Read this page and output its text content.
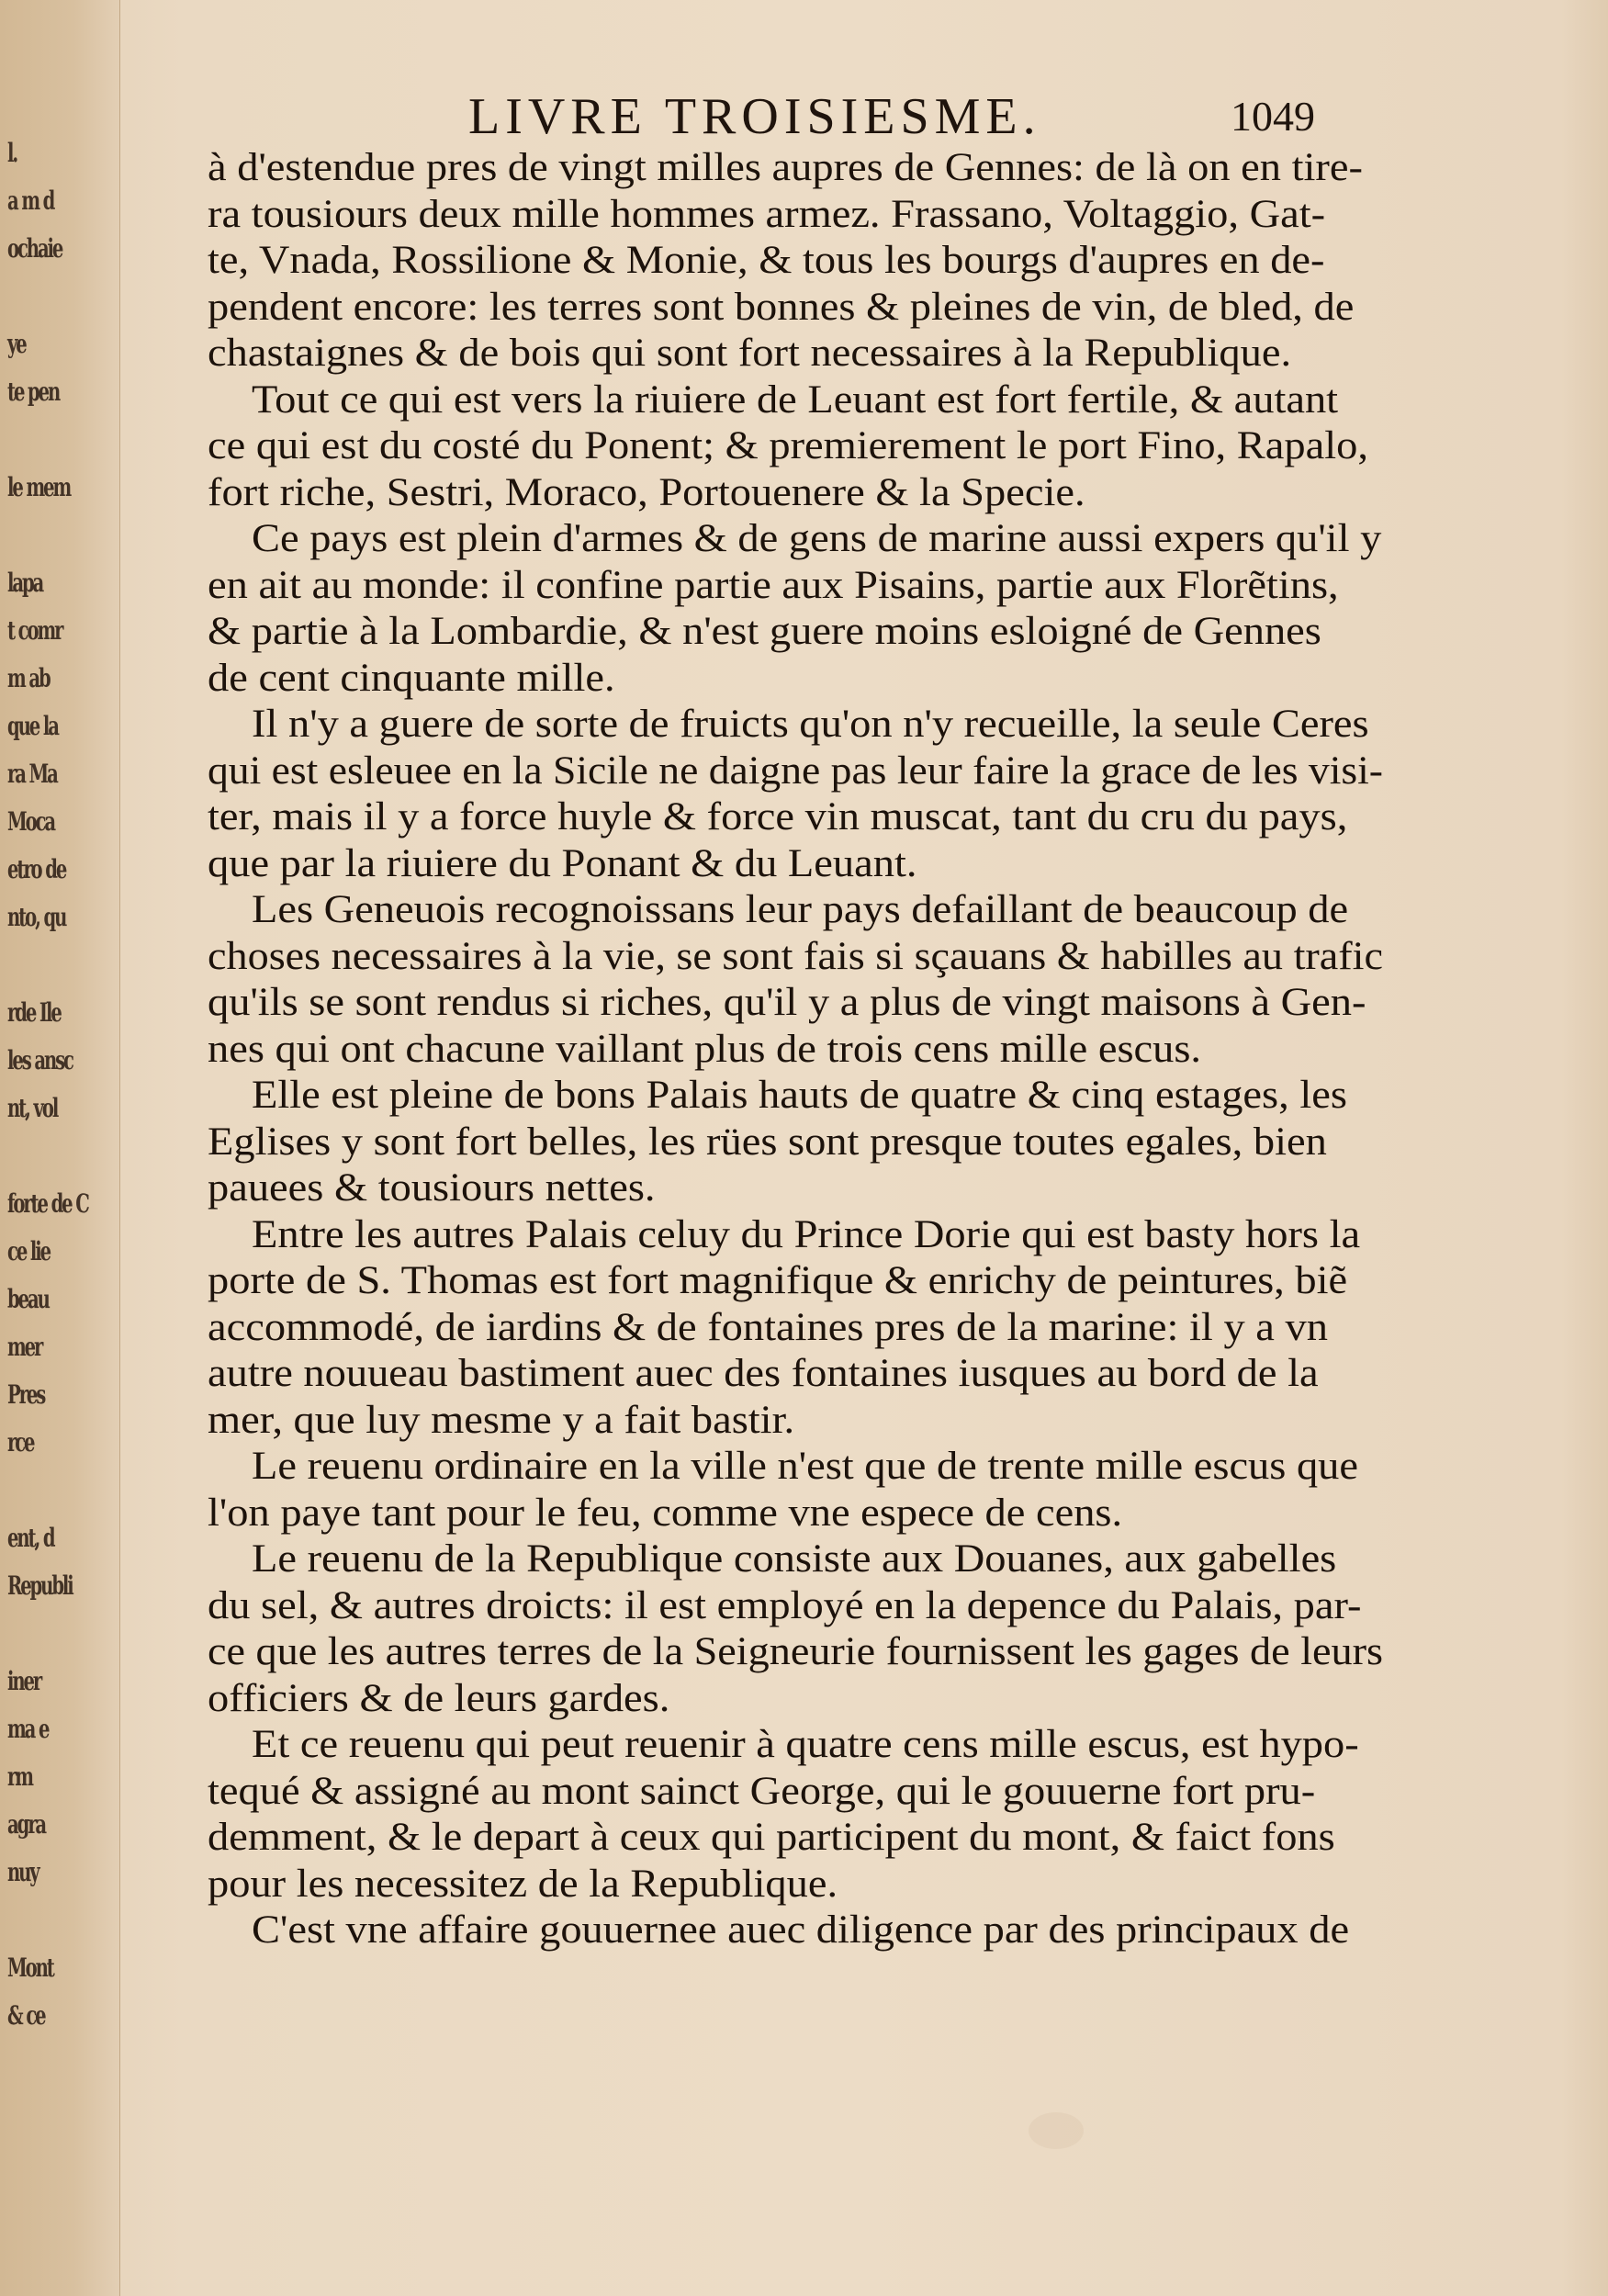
l.
a m d
ochaie
ye
te pen
le mem
lapa
t comr
m ab
que la
ra Ma
Moca
etro de
nto, qu
rde Ile
les ansc
nt, vol
forte de C
ce lie
beau
mer
Pres
rce
ent, d
Republi
iner
ma e
rm
agra
nuy
Mont
& ce
LIVRE TROISIESME.	1049
à d'estendue pres de vingt milles aupres de Gennes: de là on en tire-
ra tousiours deux mille hommes armez. Frassano, Voltaggio, Gat-
te, Vnada, Rossilione & Monie, & tous les bourgs d'aupres en de-
pendent encore: les terres sont bonnes & pleines de vin, de bled, de
chastaignes & de bois qui sont fort necessaires à la Republique.
Tout ce qui est vers la riuiere de Leuant est fort fertile, & autant
ce qui est du costé du Ponent; & premierement le port Fino, Rapalo,
fort riche, Sestri, Moraco, Portouenere & la Specie.
Ce pays est plein d'armes & de gens de marine aussi expers qu'il y
en ait au monde: il confine partie aux Pisains, partie aux Florẽtins,
& partie à la Lombardie, & n'est guere moins esloigné de Gennes
de cent cinquante mille.
Il n'y a guere de sorte de fruicts qu'on n'y recueille, la seule Ceres
qui est esleuee en la Sicile ne daigne pas leur faire la grace de les visi-
ter, mais il y a force huyle & force vin muscat, tant du cru du pays,
que par la riuiere du Ponant & du Leuant.
Les Geneuois recognoissans leur pays defaillant de beaucoup de
choses necessaires à la vie, se sont fais si sçauans & habilles au trafic
qu'ils se sont rendus si riches, qu'il y a plus de vingt maisons à Gen-
nes qui ont chacune vaillant plus de trois cens mille escus.
Elle est pleine de bons Palais hauts de quatre & cinq estages, les
Eglises y sont fort belles, les rües sont presque toutes egales, bien
pauees & tousiours nettes.
Entre les autres Palais celuy du Prince Dorie qui est basty hors la
porte de S. Thomas est fort magnifique & enrichy de peintures, biẽ
accommodé, de iardins & de fontaines pres de la marine: il y a vn
autre nouueau bastiment auec des fontaines iusques au bord de la
mer, que luy mesme y a fait bastir.
Le reuenu ordinaire en la ville n'est que de trente mille escus que
l'on paye tant pour le feu, comme vne espece de cens.
Le reuenu de la Republique consiste aux Douanes, aux gabelles
du sel, & autres droicts: il est employé en la depence du Palais, par-
ce que les autres terres de la Seigneurie fournissent les gages de leurs
officiers & de leurs gardes.
Et ce reuenu qui peut reuenir à quatre cens mille escus, est hypo-
tequé & assigné au mont sainct George, qui le gouuerne fort pru-
demment, & le depart à ceux qui participent du mont, & faict fons
pour les necessitez de la Republique.
C'est vne affaire gouuernee auec diligence par des principaux de
